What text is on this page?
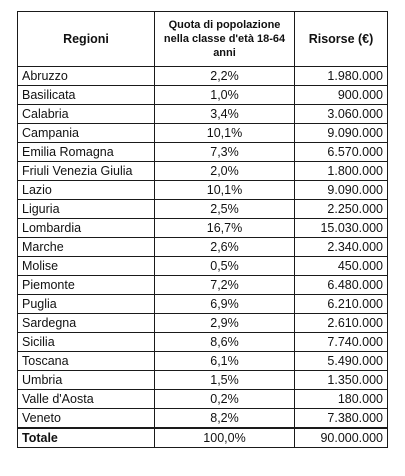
Regioni	Quota di popolazione nella classe d'età 18-64 anni	Risorse (€)
Abruzzo	2,2%	1.980.000
Basilicata	1,0%	900.000
Calabria	3,4%	3.060.000
Campania	10,1%	9.090.000
Emilia Romagna	7,3%	6.570.000
Friuli Venezia Giulia	2,0%	1.800.000
Lazio	10,1%	9.090.000
Liguria	2,5%	2.250.000
Lombardia	16,7%	15.030.000
Marche	2,6%	2.340.000
Molise	0,5%	450.000
Piemonte	7,2%	6.480.000
Puglia	6,9%	6.210.000
Sardegna	2,9%	2.610.000
Sicilia	8,6%	7.740.000
Toscana	6,1%	5.490.000
Umbria	1,5%	1.350.000
Valle d'Aosta	0,2%	180.000
Veneto	8,2%	7.380.000
Totale	100,0%	90.000.000
